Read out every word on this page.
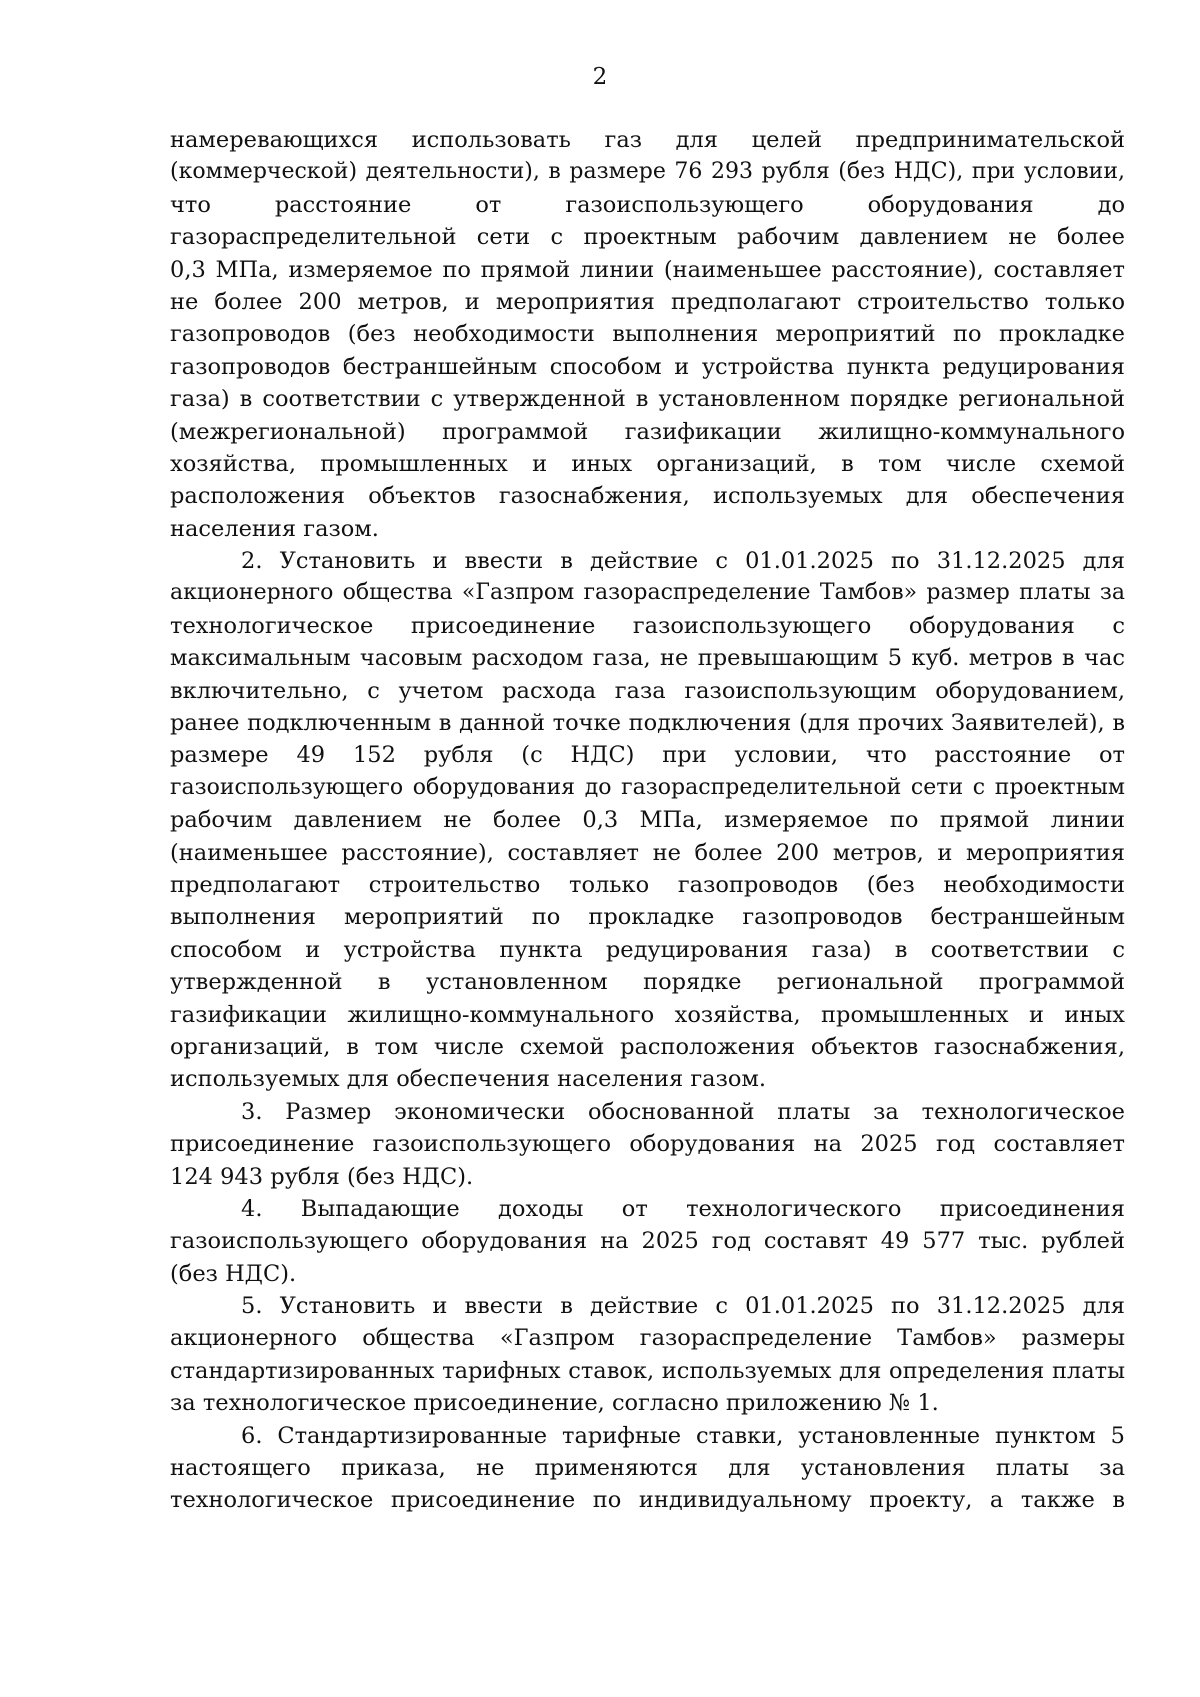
2
намеревающихся использовать газ для целей предпринимательской
(коммерческой) деятельности), в размере 76 293 рубля (без НДС), при условии,
что расстояние от газоиспользующего оборудования до
газораспределительной сети с проектным рабочим давлением не более
0,3 МПа, измеряемое по прямой линии (наименьшее расстояние), составляет
не более 200 метров, и мероприятия предполагают строительство только
газопроводов (без необходимости выполнения мероприятий по прокладке
газопроводов бестраншейным способом и устройства пункта редуцирования
газа) в соответствии с утвержденной в установленном порядке региональной
(межрегиональной) программой газификации жилищно-коммунального
хозяйства, промышленных и иных организаций, в том числе схемой
расположения объектов газоснабжения, используемых для обеспечения
населения газом.
2. Установить и ввести в действие с 01.01.2025 по 31.12.2025 для
акционерного общества «Газпром газораспределение Тамбов» размер платы за
технологическое присоединение газоиспользующего оборудования с
максимальным часовым расходом газа, не превышающим 5 куб. метров в час
включительно, с учетом расхода газа газоиспользующим оборудованием,
ранее подключенным в данной точке подключения (для прочих Заявителей), в
размере 49 152 рубля (с НДС) при условии, что расстояние от
газоиспользующего оборудования до газораспределительной сети с проектным
рабочим давлением не более 0,3 МПа, измеряемое по прямой линии
(наименьшее расстояние), составляет не более 200 метров, и мероприятия
предполагают строительство только газопроводов (без необходимости
выполнения мероприятий по прокладке газопроводов бестраншейным
способом и устройства пункта редуцирования газа) в соответствии с
утвержденной в установленном порядке региональной программой
газификации жилищно-коммунального хозяйства, промышленных и иных
организаций, в том числе схемой расположения объектов газоснабжения,
используемых для обеспечения населения газом.
3. Размер экономически обоснованной платы за технологическое
присоединение газоиспользующего оборудования на 2025 год составляет
124 943 рубля (без НДС).
4. Выпадающие доходы от технологического присоединения
газоиспользующего оборудования на 2025 год составят 49 577 тыс. рублей
(без НДС).
5. Установить и ввести в действие с 01.01.2025 по 31.12.2025 для
акционерного общества «Газпром газораспределение Тамбов» размеры
стандартизированных тарифных ставок, используемых для определения платы
за технологическое присоединение, согласно приложению № 1.
6. Стандартизированные тарифные ставки, установленные пунктом 5
настоящего приказа, не применяются для установления платы за
технологическое присоединение по индивидуальному проекту, а также в
